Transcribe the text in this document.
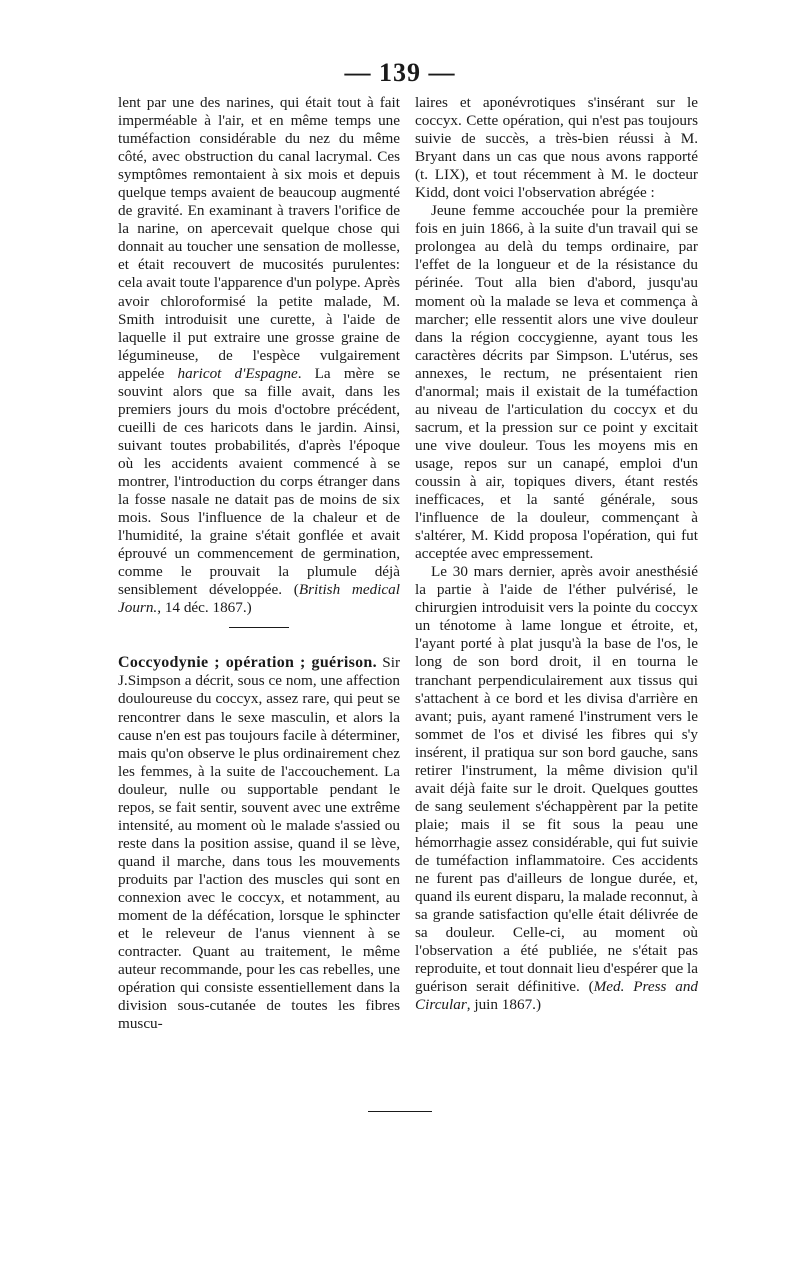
— 139 —

lent par une des narines, qui était tout à fait imperméable à l'air, et en même temps une tuméfaction considérable du nez du même côté, avec obstruction du canal lacrymal. Ces symptômes remontaient à six mois et depuis quelque temps avaient de beaucoup augmenté de gravité. En examinant à travers l'orifice de la narine, on apercevait quelque chose qui donnait au toucher une sensation de mollesse, et était recouvert de mucosités purulentes: cela avait toute l'apparence d'un polype. Après avoir chloroformisé la petite malade, M. Smith introduisit une curette, à l'aide de laquelle il put extraire une grosse graine de légumineuse, de l'espèce vulgairement appelée haricot d'Espagne. La mère se souvint alors que sa fille avait, dans les premiers jours du mois d'octobre précédent, cueilli de ces haricots dans le jardin. Ainsi, suivant toutes probabilités, d'après l'époque où les accidents avaient commencé à se montrer, l'introduction du corps étranger dans la fosse nasale ne datait pas de moins de six mois. Sous l'influence de la chaleur et de l'humidité, la graine s'était gonflée et avait éprouvé un commencement de germination, comme le prouvait la plumule déjà sensiblement développée. (British medical Journ., 14 déc. 1867.)

Coccyodynie ; opération ; guérison. Sir J.Simpson a décrit, sous ce nom, une affection douloureuse du coccyx, assez rare, qui peut se rencontrer dans le sexe masculin, et alors la cause n'en est pas toujours facile à déterminer, mais qu'on observe le plus ordinairement chez les femmes, à la suite de l'accouchement. La douleur, nulle ou supportable pendant le repos, se fait sentir, souvent avec une extrême intensité, au moment où le malade s'assied ou reste dans la position assise, quand il se lève, quand il marche, dans tous les mouvements produits par l'action des muscles qui sont en connexion avec le coccyx, et notamment, au moment de la défécation, lorsque le sphincter et le releveur de l'anus viennent à se contracter. Quant au traitement, le même auteur recommande, pour les cas rebelles, une opération qui consiste essentiellement dans la division sous-cutanée de toutes les fibres muscu-

laires et aponévrotiques s'insérant sur le coccyx. Cette opération, qui n'est pas toujours suivie de succès, a très-bien réussi à M. Bryant dans un cas que nous avons rapporté (t. LIX), et tout récemment à M. le docteur Kidd, dont voici l'observation abrégée :

Jeune femme accouchée pour la première fois en juin 1866, à la suite d'un travail qui se prolongea au delà du temps ordinaire, par l'effet de la longueur et de la résistance du périnée. Tout alla bien d'abord, jusqu'au moment où la malade se leva et commença à marcher; elle ressentit alors une vive douleur dans la région coccygienne, ayant tous les caractères décrits par Simpson. L'utérus, ses annexes, le rectum, ne présentaient rien d'anormal; mais il existait de la tuméfaction au niveau de l'articulation du coccyx et du sacrum, et la pression sur ce point y excitait une vive douleur. Tous les moyens mis en usage, repos sur un canapé, emploi d'un coussin à air, topiques divers, étant restés inefficaces, et la santé générale, sous l'influence de la douleur, commençant à s'altérer, M. Kidd proposa l'opération, qui fut acceptée avec empressement.

Le 30 mars dernier, après avoir anesthésié la partie à l'aide de l'éther pulvérisé, le chirurgien introduisit vers la pointe du coccyx un ténotome à lame longue et étroite, et, l'ayant porté à plat jusqu'à la base de l'os, le long de son bord droit, il en tourna le tranchant perpendiculairement aux tissus qui s'attachent à ce bord et les divisa d'arrière en avant; puis, ayant ramené l'instrument vers le sommet de l'os et divisé les fibres qui s'y insérent, il pratiqua sur son bord gauche, sans retirer l'instrument, la même division qu'il avait déjà faite sur le droit. Quelques gouttes de sang seulement s'échappèrent par la petite plaie; mais il se fit sous la peau une hémorrhagie assez considérable, qui fut suivie de tuméfaction inflammatoire. Ces accidents ne furent pas d'ailleurs de longue durée, et, quand ils eurent disparu, la malade reconnut, à sa grande satisfaction qu'elle était délivrée de sa douleur. Celle-ci, au moment où l'observation a été publiée, ne s'était pas reproduite, et tout donnait lieu d'espérer que la guérison serait définitive. (Med. Press and Circular, juin 1867.)
